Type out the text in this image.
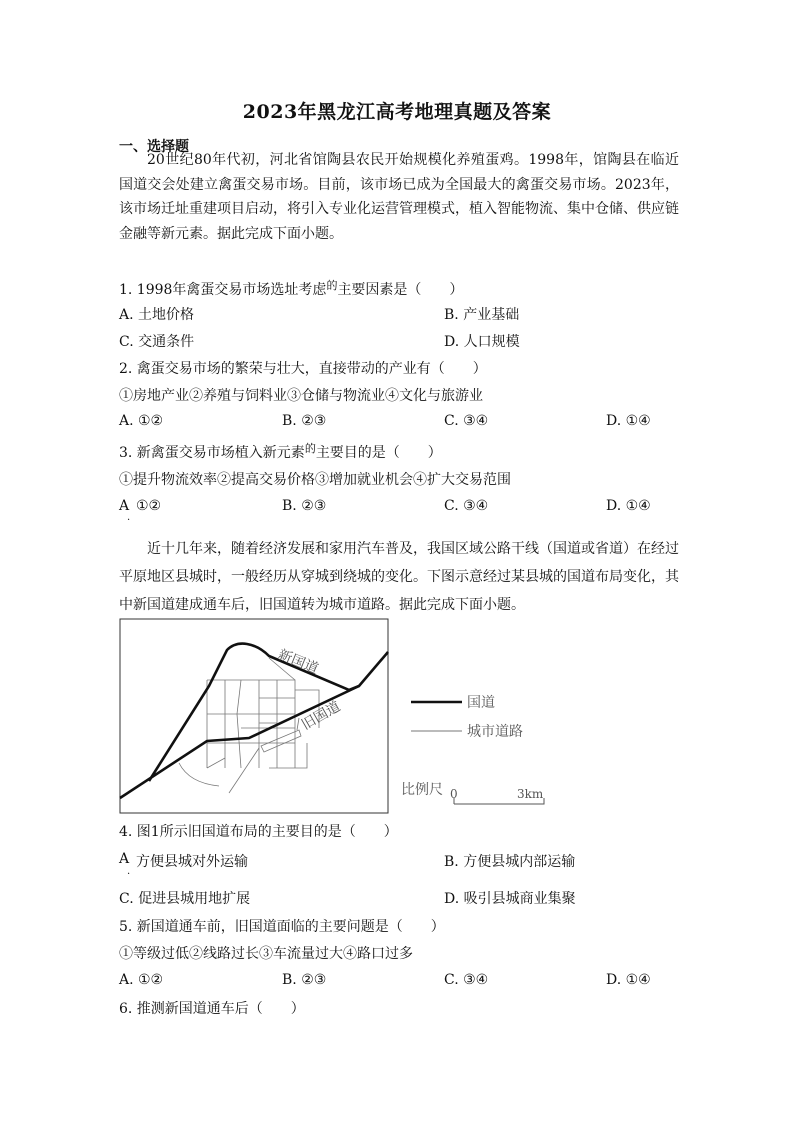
2023年黑龙江高考地理真题及答案
一、选择题

20世纪80年代初，河北省馆陶县农民开始规模化养殖蛋鸡。1998年，馆陶县在临近国道交会处建立禽蛋交易市场。目前，该市场已成为全国最大的禽蛋交易市场。2023年，该市场迁址重建项目启动，将引入专业化运营管理模式，植入智能物流、集中仓储、供应链金融等新元素。据此完成下面小题。

1. 1998年禽蛋交易市场选址考虑$^的$主要因素是（　　）
A. 土地价格	B. 产业基础
C. 交通条件	D. 人口规模
2. 禽蛋交易市场的繁荣与壮大，直接带动的产业有（　　）
①房地产业②养殖与饲料业③仓储与物流业④文化与旅游业
A. ①②	B. ②③	C. ③④	D. ①④
3. 新禽蛋交易市场植入新元素$^的$主要目的是（　　）
①提升物流效率②提高交易价格③增加就业机会④扩大交易范围
A
.
①②	B. ②③	C. ③④	D. ①④

近十几年来，随着经济发展和家用汽车普及，我国区域公路干线（国道或省道）在经过平原地区县城时，一般经历从穿城到绕城的变化。下图示意经过某县城的国道布局变化，其中新国道建成通车后，旧国道转为城市道路。据此完成下面小题。

新国道
旧国道	国道
城市道路
比例尺 0	3km
4. 图1所示旧国道布局的主要目的是（　　）
A
.
方便县城对外运输	B. 方便县城内部运输
C. 促进县城用地扩展	D. 吸引县城商业集聚
5. 新国道通车前，旧国道面临的主要问题是（　　）
①等级过低②线路过长③车流量过大④路口过多
A. ①②	B. ②③	C. ③④	D. ①④
6. 推测新国道通车后（　　）
